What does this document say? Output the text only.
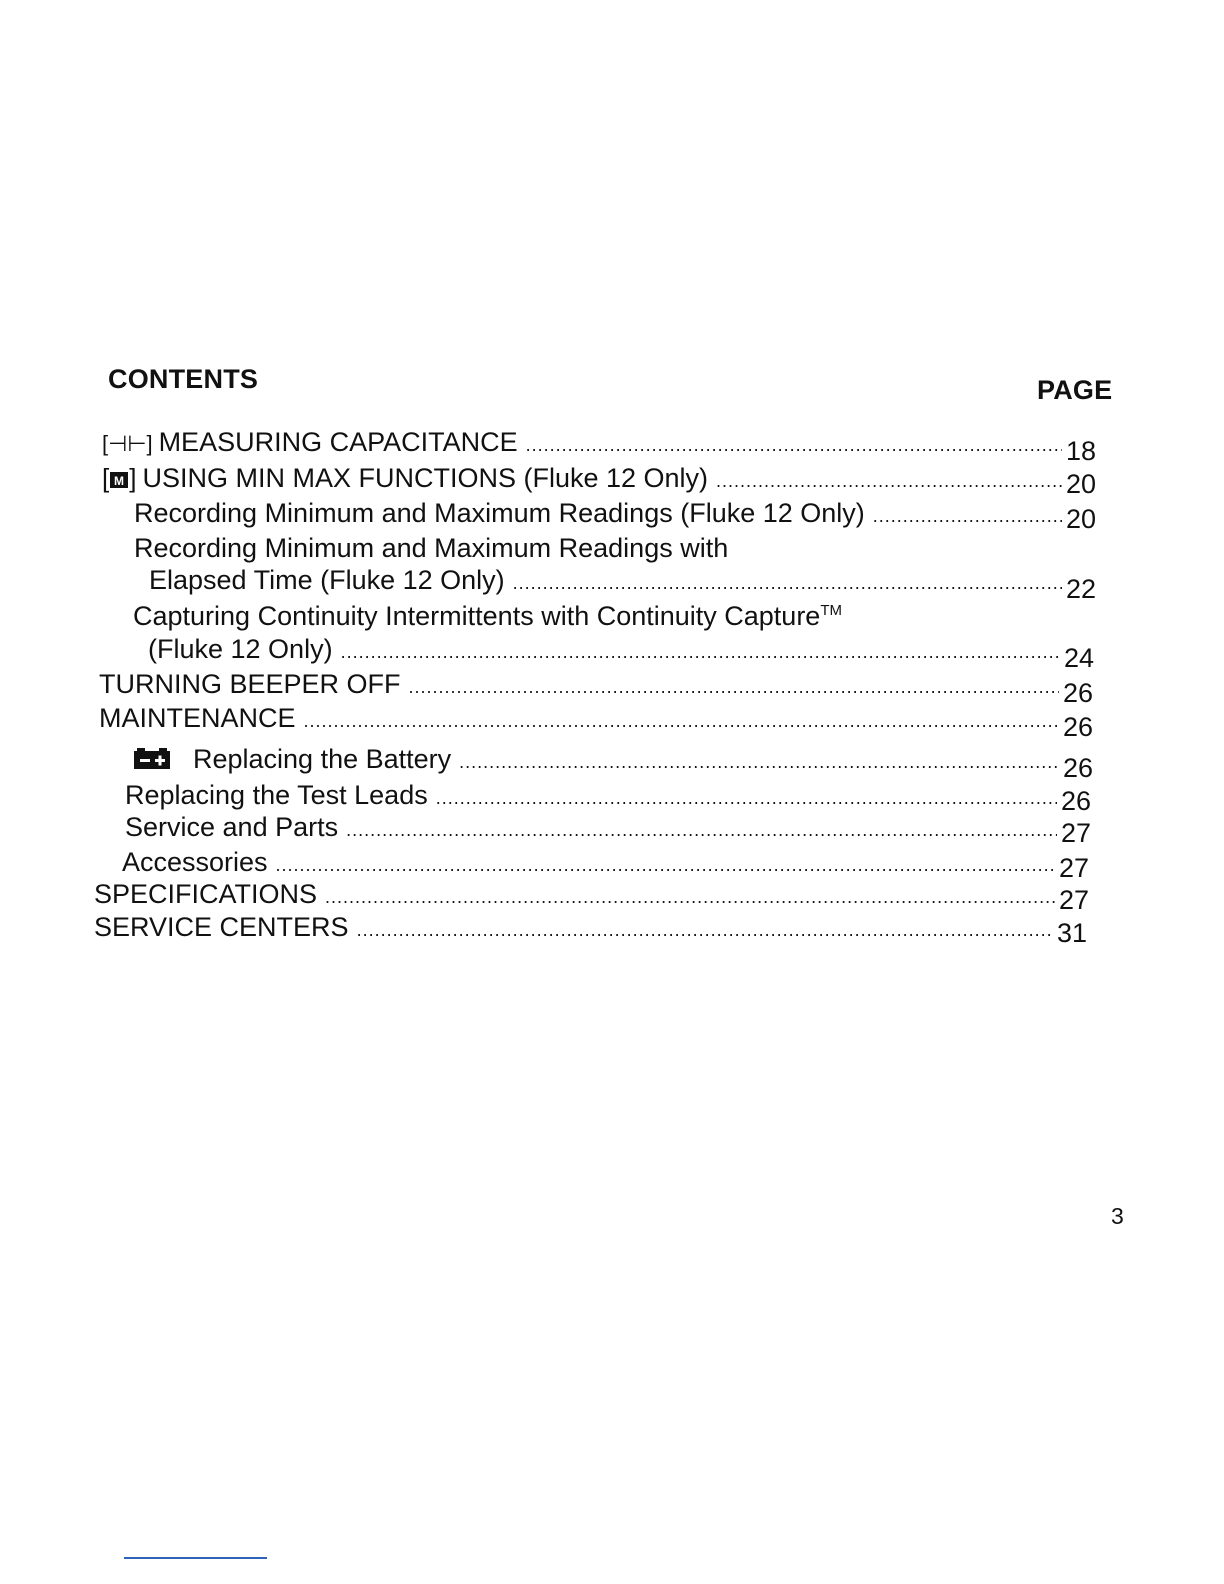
CONTENTS	PAGE
[⊣⊢] MEASURING CAPACITANCE .....	18
[ M ] USING MIN MAX FUNCTIONS (Fluke 12 Only) .....	20
Recording Minimum and Maximum Readings (Fluke 12 Only) .....	20
Recording Minimum and Maximum Readings with
Elapsed Time (Fluke 12 Only) .....	22
Capturing Continuity Intermittents with Continuity Capture™
(Fluke 12 Only) .....	24
TURNING BEEPER OFF .....	26
MAINTENANCE .....	26
Replacing the Battery .....	26
Replacing the Test Leads .....	26
Service and Parts .....	27
Accessories .....	27
SPECIFICATIONS .....	27
SERVICE CENTERS .....	31
3
